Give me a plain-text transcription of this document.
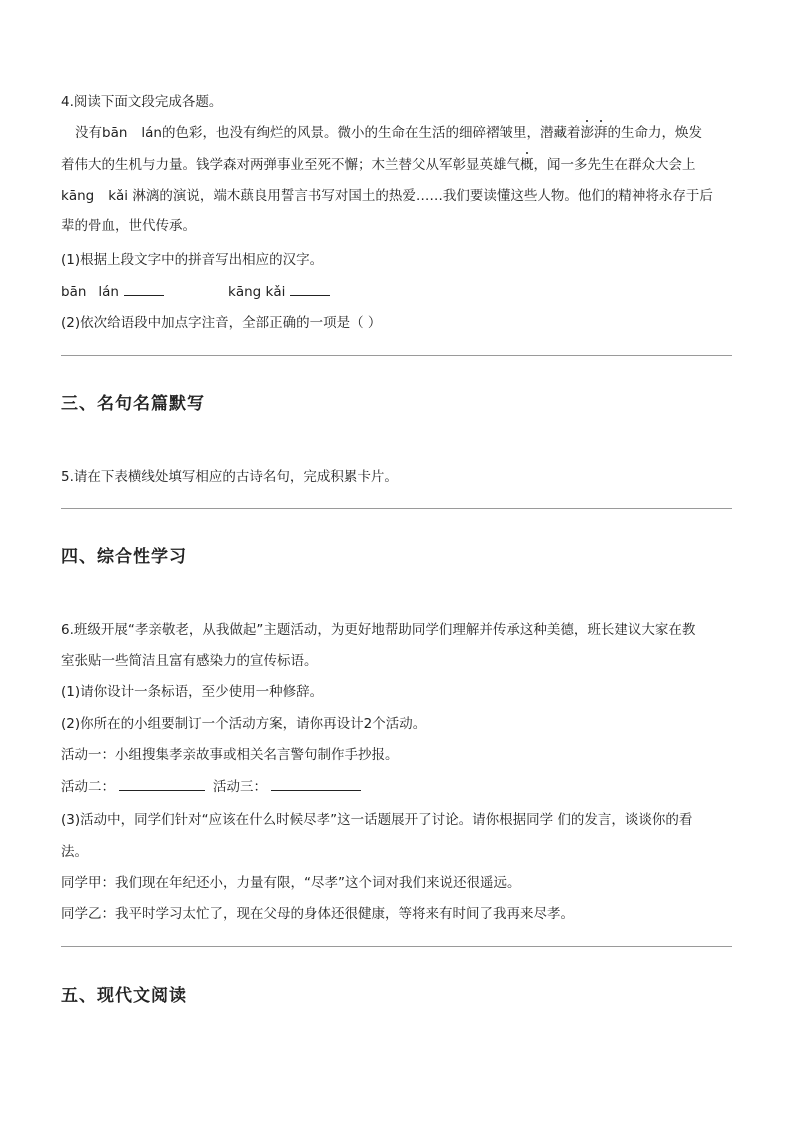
4.阅读下面文段完成各题。
没有bān lán的色彩，也没有绚烂的风景。微小的生命在生活的细碎褶皱里，潜藏着澎湃的生命力，焕发
着伟大的生机与力量。钱学森对两弹事业至死不懈；木兰替父从军彰显英雄气概，闻一多先生在群众大会上
kāng kǎi 淋漓的演说，端木蕻良用誓言书写对国土的热爱……我们要读懂这些人物。他们的精神将永存于后
辈的骨血，世代传承。
(1)根据上段文字中的拼音写出相应的汉字。
bān lán	kāng kǎi
(2)依次给语段中加点字注音，全部正确的一项是（ ）
三、名句名篇默写
5.请在下表横线处填写相应的古诗名句，完成积累卡片。
四、综合性学习
6.班级开展“孝亲敬老，从我做起”主题活动，为更好地帮助同学们理解并传承这种美德，班长建议大家在教
室张贴一些简洁且富有感染力的宣传标语。
(1)请你设计一条标语，至少使用一种修辞。
(2)你所在的小组要制订一个活动方案，请你再设计2个活动。
活动一：小组搜集孝亲故事或相关名言警句制作手抄报。
活动二：	活动三：
(3)活动中，同学们针对“应该在什么时候尽孝”这一话题展开了讨论。请你根据同学 们的发言，谈谈你的看
法。
同学甲：我们现在年纪还小，力量有限，“尽孝”这个词对我们来说还很遥远。
同学乙：我平时学习太忙了，现在父母的身体还很健康，等将来有时间了我再来尽孝。
五、现代文阅读
